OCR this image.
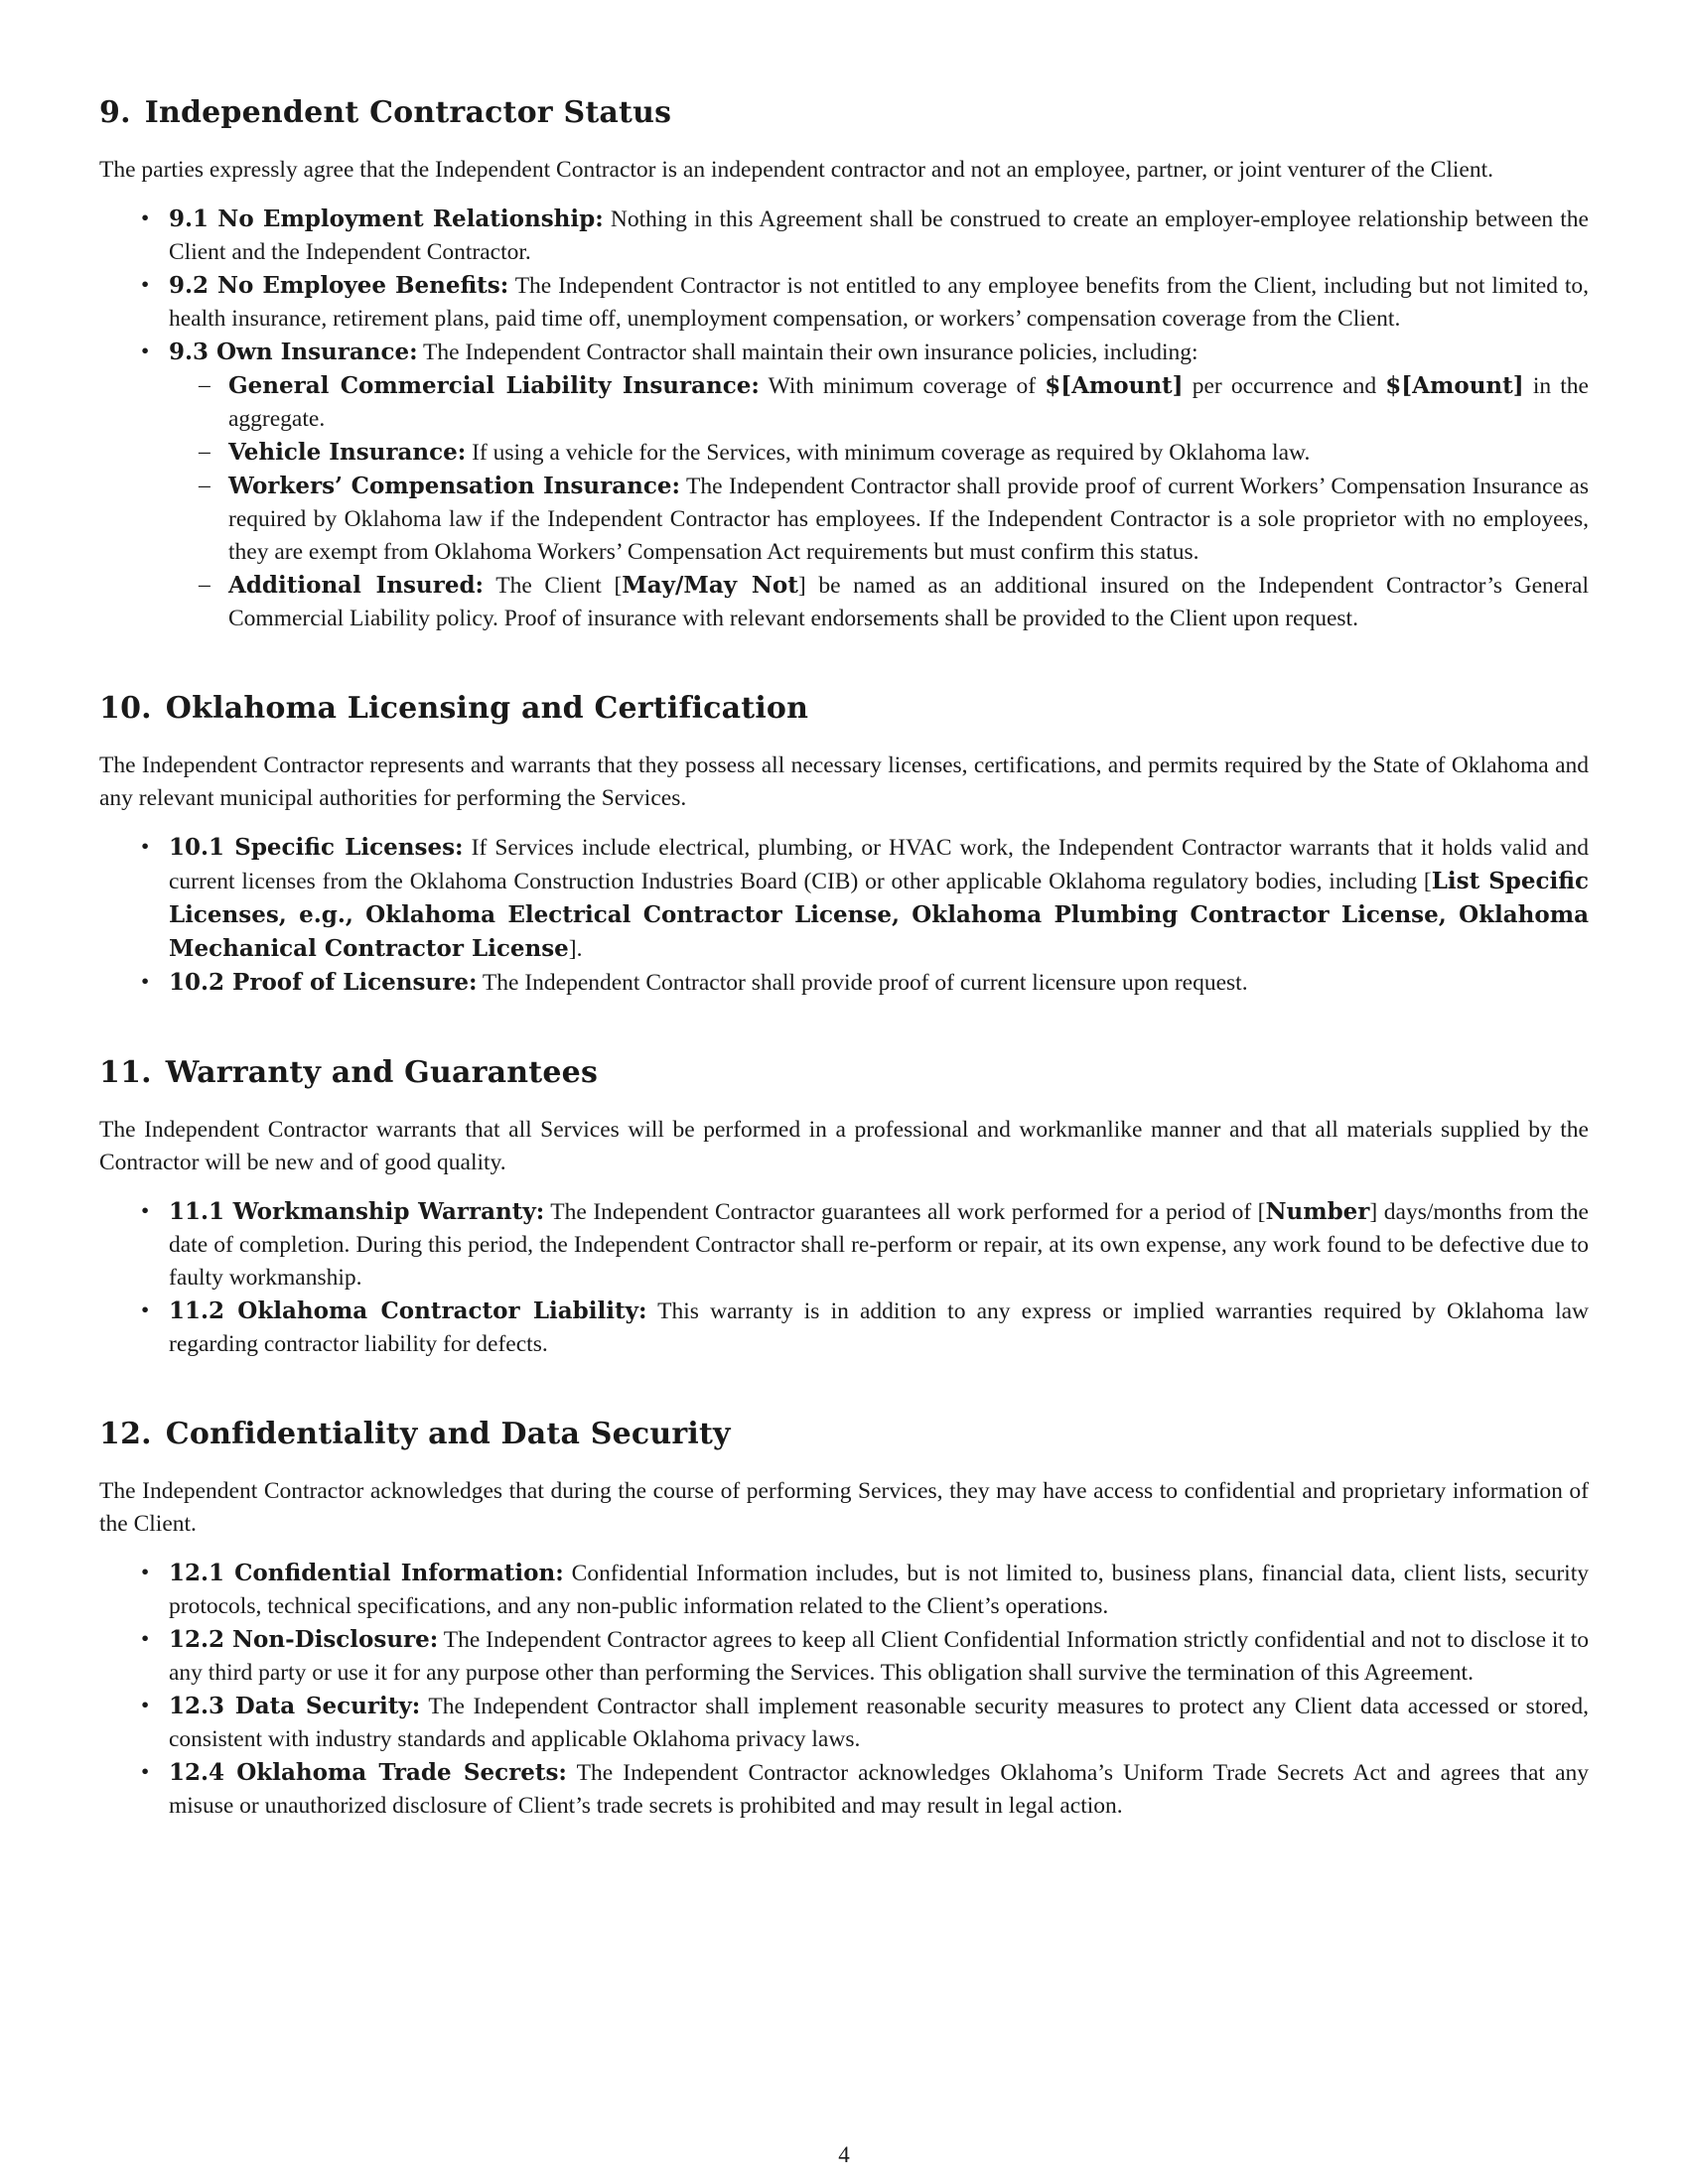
9. Independent Contractor Status

The parties expressly agree that the Independent Contractor is an independent contractor and not an employee, partner, or joint venturer of the Client.

• 9.1 No Employment Relationship: Nothing in this Agreement shall be construed to create an employer-employee relationship between the Client and the Independent Contractor.
• 9.2 No Employee Benefits: The Independent Contractor is not entitled to any employee benefits from the Client, including but not limited to, health insurance, retirement plans, paid time off, unemployment compensation, or workers’ compensation coverage from the Client.
• 9.3 Own Insurance: The Independent Contractor shall maintain their own insurance policies, including:
– General Commercial Liability Insurance: With minimum coverage of $[Amount] per occurrence and $[Amount] in the aggregate.
– Vehicle Insurance: If using a vehicle for the Services, with minimum coverage as required by Oklahoma law.
– Workers’ Compensation Insurance: The Independent Contractor shall provide proof of current Workers’ Compensation Insurance as required by Oklahoma law if the Independent Contractor has employees. If the Independent Contractor is a sole proprietor with no employees, they are exempt from Oklahoma Workers’ Compensation Act requirements but must confirm this status.
– Additional Insured: The Client [May/May Not] be named as an additional insured on the Independent Contractor’s General Commercial Liability policy. Proof of insurance with relevant endorsements shall be provided to the Client upon request.
10. Oklahoma Licensing and Certification

The Independent Contractor represents and warrants that they possess all necessary licenses, certifications, and permits required by the State of Oklahoma and any relevant municipal authorities for performing the Services.

• 10.1 Specific Licenses: If Services include electrical, plumbing, or HVAC work, the Independent Contractor warrants that it holds valid and current licenses from the Oklahoma Construction Industries Board (CIB) or other applicable Oklahoma regulatory bodies, including [List Specific Licenses, e.g., Oklahoma Electrical Contractor License, Oklahoma Plumbing Contractor License, Oklahoma Mechanical Contractor License].
• 10.2 Proof of Licensure: The Independent Contractor shall provide proof of current licensure upon request.
11. Warranty and Guarantees

The Independent Contractor warrants that all Services will be performed in a professional and workmanlike manner and that all materials supplied by the Contractor will be new and of good quality.

• 11.1 Workmanship Warranty: The Independent Contractor guarantees all work performed for a period of [Number] days/months from the date of completion. During this period, the Independent Contractor shall re-perform or repair, at its own expense, any work found to be defective due to faulty workmanship.
• 11.2 Oklahoma Contractor Liability: This warranty is in addition to any express or implied warranties required by Oklahoma law regarding contractor liability for defects.
12. Confidentiality and Data Security

The Independent Contractor acknowledges that during the course of performing Services, they may have access to confidential and proprietary information of the Client.

• 12.1 Confidential Information: Confidential Information includes, but is not limited to, business plans, financial data, client lists, security protocols, technical specifications, and any non-public information related to the Client’s operations.
• 12.2 Non-Disclosure: The Independent Contractor agrees to keep all Client Confidential Information strictly confidential and not to disclose it to any third party or use it for any purpose other than performing the Services. This obligation shall survive the termination of this Agreement.
• 12.3 Data Security: The Independent Contractor shall implement reasonable security measures to protect any Client data accessed or stored, consistent with industry standards and applicable Oklahoma privacy laws.
• 12.4 Oklahoma Trade Secrets: The Independent Contractor acknowledges Oklahoma’s Uniform Trade Secrets Act and agrees that any misuse or unauthorized disclosure of Client’s trade secrets is prohibited and may result in legal action.
4
